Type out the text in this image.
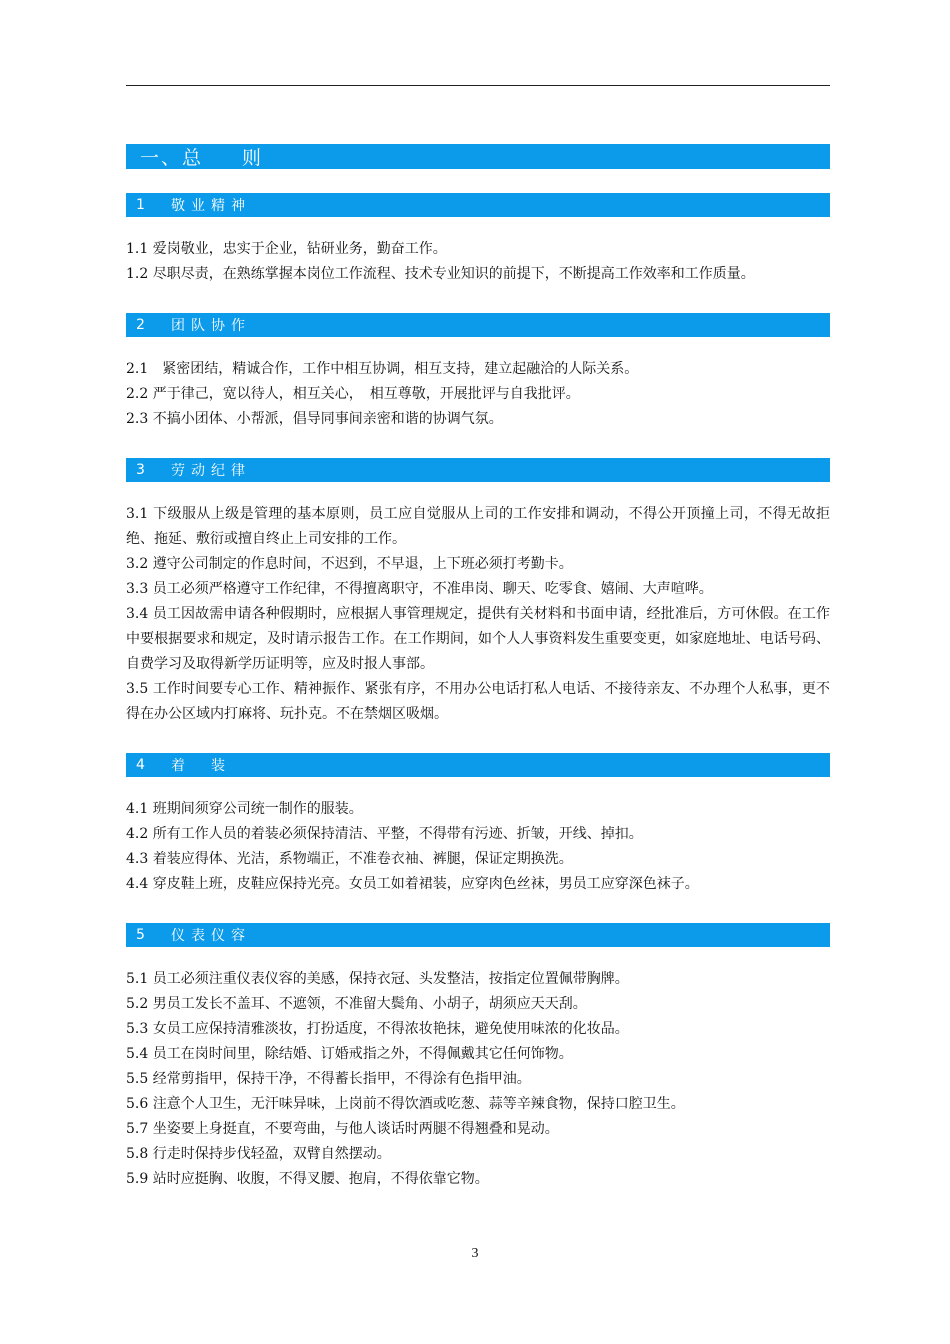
一、 总　　则
1	敬业精神

1.1 爱岗敬业，忠实于企业，钻研业务，勤奋工作。

1.2 尽职尽责，在熟练掌握本岗位工作流程、技术专业知识的前提下，不断提高工作效率和工作质量。

2	团队协作

2.1　紧密团结，精诚合作，工作中相互协调，相互支持，建立起融洽的人际关系。

2.2 严于律己，宽以待人，相互关心，　相互尊敬，开展批评与自我批评。

2.3 不搞小团体、小帮派，倡导同事间亲密和谐的协调气氛。

3	劳动纪律

3.1 下级服从上级是管理的基本原则，员工应自觉服从上司的工作安排和调动，不得公开顶撞上司，不得无故拒绝、拖延、敷衍或擅自终止上司安排的工作。

3.2 遵守公司制定的作息时间，不迟到，不早退，上下班必须打考勤卡。

3.3 员工必须严格遵守工作纪律，不得擅离职守，不准串岗、聊天、吃零食、嬉闹、大声喧哗。

3.4 员工因故需申请各种假期时，应根据人事管理规定，提供有关材料和书面申请，经批准后，方可休假。在工作中要根据要求和规定，及时请示报告工作。在工作期间，如个人人事资料发生重要变更，如家庭地址、电话号码、自费学习及取得新学历证明等，应及时报人事部。

3.5 工作时间要专心工作、精神振作、紧张有序，不用办公电话打私人电话、不接待亲友、不办理个人私事，更不得在办公区域内打麻将、玩扑克。不在禁烟区吸烟。

4	着　装

4.1 班期间须穿公司统一制作的服装。

4.2 所有工作人员的着装必须保持清洁、平整，不得带有污迹、折皱，开线、掉扣。

4.3 着装应得体、光洁，系物端正，不准卷衣袖、裤腿，保证定期换洗。

4.4 穿皮鞋上班，皮鞋应保持光亮。女员工如着裙装，应穿肉色丝袜，男员工应穿深色袜子。

5	仪表仪容

5.1 员工必须注重仪表仪容的美感，保持衣冠、头发整洁，按指定位置佩带胸牌。

5.2 男员工发长不盖耳、不遮领，不准留大鬓角、小胡子，胡须应天天刮。

5.3 女员工应保持清雅淡妆，打扮适度，不得浓妆艳抹，避免使用味浓的化妆品。

5.4 员工在岗时间里，除结婚、订婚戒指之外，不得佩戴其它任何饰物。

5.5 经常剪指甲，保持干净，不得蓄长指甲，不得涂有色指甲油。

5.6 注意个人卫生，无汗味异味，上岗前不得饮酒或吃葱、蒜等辛辣食物，保持口腔卫生。

5.7 坐姿要上身挺直，不要弯曲，与他人谈话时两腿不得翘叠和晃动。

5.8 行走时保持步伐轻盈，双臂自然摆动。

5.9 站时应挺胸、收腹，不得叉腰、抱肩，不得依靠它物。

3
